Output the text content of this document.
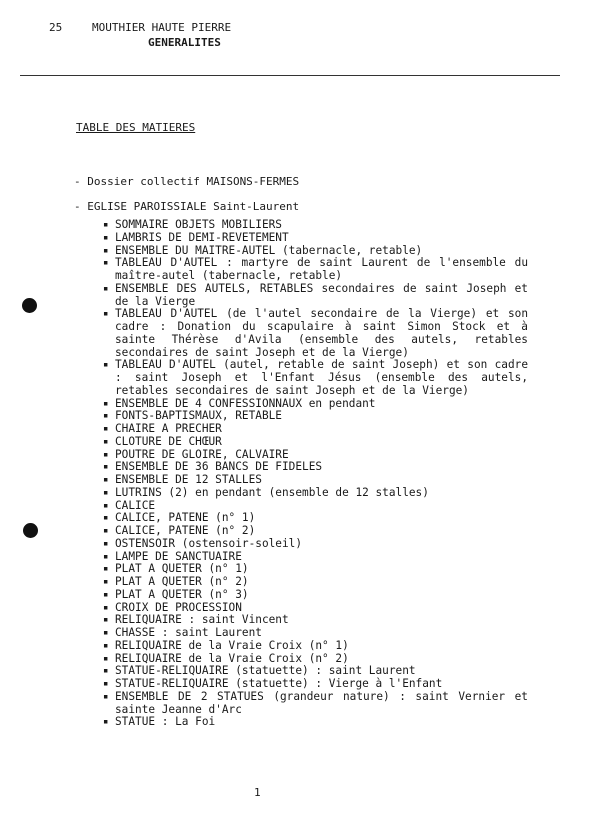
25	MOUTHIER HAUTE PIERRE
GENERALITES
TABLE DES MATIERES
- Dossier collectif MAISONS-FERMES
- EGLISE PAROISSIALE Saint-Laurent
▪ SOMMAIRE OBJETS MOBILIERS
▪ LAMBRIS DE DEMI-REVETEMENT
▪ ENSEMBLE DU MAITRE-AUTEL (tabernacle, retable)
▪ TABLEAU D'AUTEL : martyre de saint Laurent de l'ensemble du maître-autel (tabernacle, retable)
▪ ENSEMBLE DES AUTELS, RETABLES secondaires de saint Joseph et de la Vierge
▪ TABLEAU D'AUTEL (de l'autel secondaire de la Vierge) et son cadre : Donation du scapulaire à saint Simon Stock et à sainte Thérèse d'Avila (ensemble des autels, retables secondaires de saint Joseph et de la Vierge)
▪ TABLEAU D'AUTEL (autel, retable de saint Joseph) et son cadre : saint Joseph et l'Enfant Jésus (ensemble des autels, retables secondaires de saint Joseph et de la Vierge)
▪ ENSEMBLE DE 4 CONFESSIONNAUX en pendant
▪ FONTS-BAPTISMAUX, RETABLE
▪ CHAIRE A PRECHER
▪ CLOTURE DE CHŒUR
▪ POUTRE DE GLOIRE, CALVAIRE
▪ ENSEMBLE DE 36 BANCS DE FIDELES
▪ ENSEMBLE DE 12 STALLES
▪ LUTRINS (2) en pendant (ensemble de 12 stalles)
▪ CALICE
▪ CALICE, PATENE (n° 1)
▪ CALICE, PATENE (n° 2)
▪ OSTENSOIR (ostensoir-soleil)
▪ LAMPE DE SANCTUAIRE
▪ PLAT A QUETER (n° 1)
▪ PLAT A QUETER (n° 2)
▪ PLAT A QUETER (n° 3)
▪ CROIX DE PROCESSION
▪ RELIQUAIRE : saint Vincent
▪ CHASSE : saint Laurent
▪ RELIQUAIRE de la Vraie Croix (n° 1)
▪ RELIQUAIRE de la Vraie Croix (n° 2)
▪ STATUE-RELIQUAIRE (statuette) : saint Laurent
▪ STATUE-RELIQUAIRE (statuette) : Vierge à l'Enfant
▪ ENSEMBLE DE 2 STATUES (grandeur nature) : saint Vernier et sainte Jeanne d'Arc
▪ STATUE : La Foi
1
